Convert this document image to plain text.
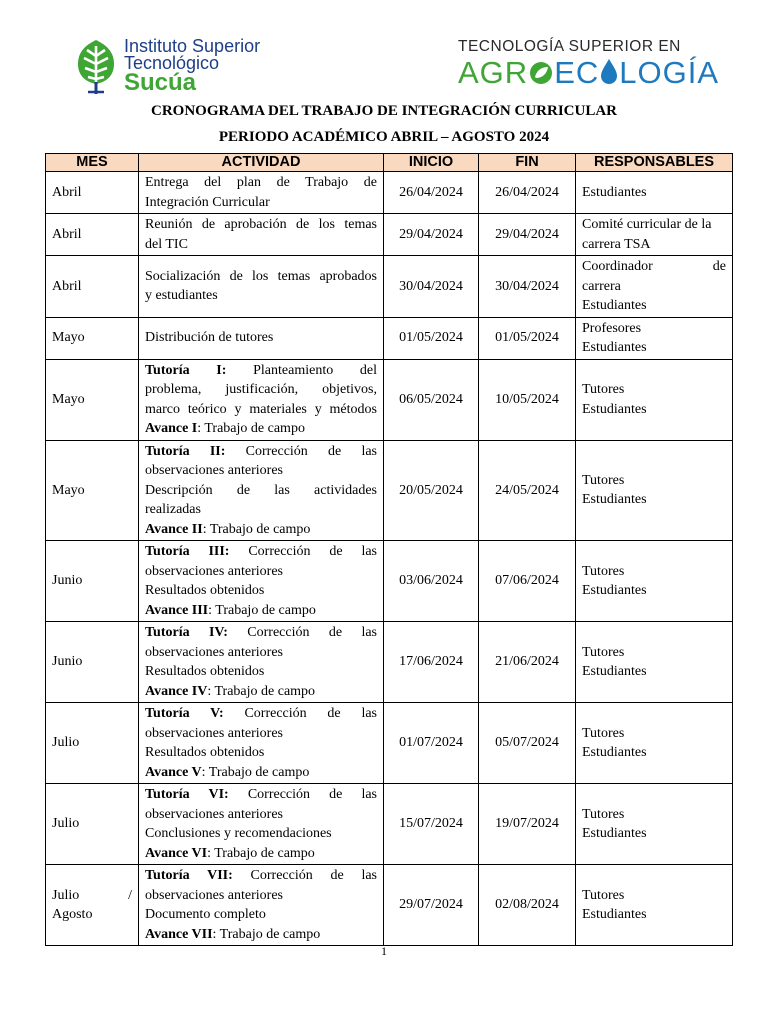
Instituto Superior
Tecnológico
Sucúa
TECNOLOGÍA SUPERIOR EN
AGR EC LOGÍA
CRONOGRAMA DEL TRABAJO DE INTEGRACIÓN CURRICULAR
PERIODO ACADÉMICO ABRIL – AGOSTO 2024
MES	ACTIVIDAD	INICIO	FIN	RESPONSABLES
Abril	Entrega del plan de Trabajo de
Integración Curricular	26/04/2024	26/04/2024	Estudiantes

Abril	Reunión de aprobación de los temas
del TIC	29/04/2024	29/04/2024	Comité curricular de la
carrera TSA

Abril	Socialización de los temas aprobados
y estudiantes	30/04/2024	30/04/2024	Coordinador de
carrera
Estudiantes

Mayo	Distribución de tutores	01/05/2024	01/05/2024	Profesores
Estudiantes

Mayo	Tutoría I: Planteamiento del
problema, justificación, objetivos,
marco teórico y materiales y métodos
Avance I: Trabajo de campo	06/05/2024	10/05/2024	Tutores
Estudiantes

Mayo	Tutoría II: Corrección de las
observaciones anteriores
Descripción de las actividades
realizadas
Avance II: Trabajo de campo	20/05/2024	24/05/2024	Tutores
Estudiantes

Junio	Tutoría III: Corrección de las
observaciones anteriores
Resultados obtenidos
Avance III: Trabajo de campo	03/06/2024	07/06/2024	Tutores
Estudiantes

Junio	Tutoría IV: Corrección de las
observaciones anteriores
Resultados obtenidos
Avance IV: Trabajo de campo	17/06/2024	21/06/2024	Tutores
Estudiantes

Julio	Tutoría V: Corrección de las
observaciones anteriores
Resultados obtenidos
Avance V: Trabajo de campo	01/07/2024	05/07/2024	Tutores
Estudiantes

Julio	Tutoría VI: Corrección de las
observaciones anteriores
Conclusiones y recomendaciones
Avance VI: Trabajo de campo	15/07/2024	19/07/2024	Tutores
Estudiantes

Julio /
Agosto	Tutoría VII: Corrección de las
observaciones anteriores
Documento completo
Avance VII: Trabajo de campo	29/07/2024	02/08/2024	Tutores
Estudiantes
1
